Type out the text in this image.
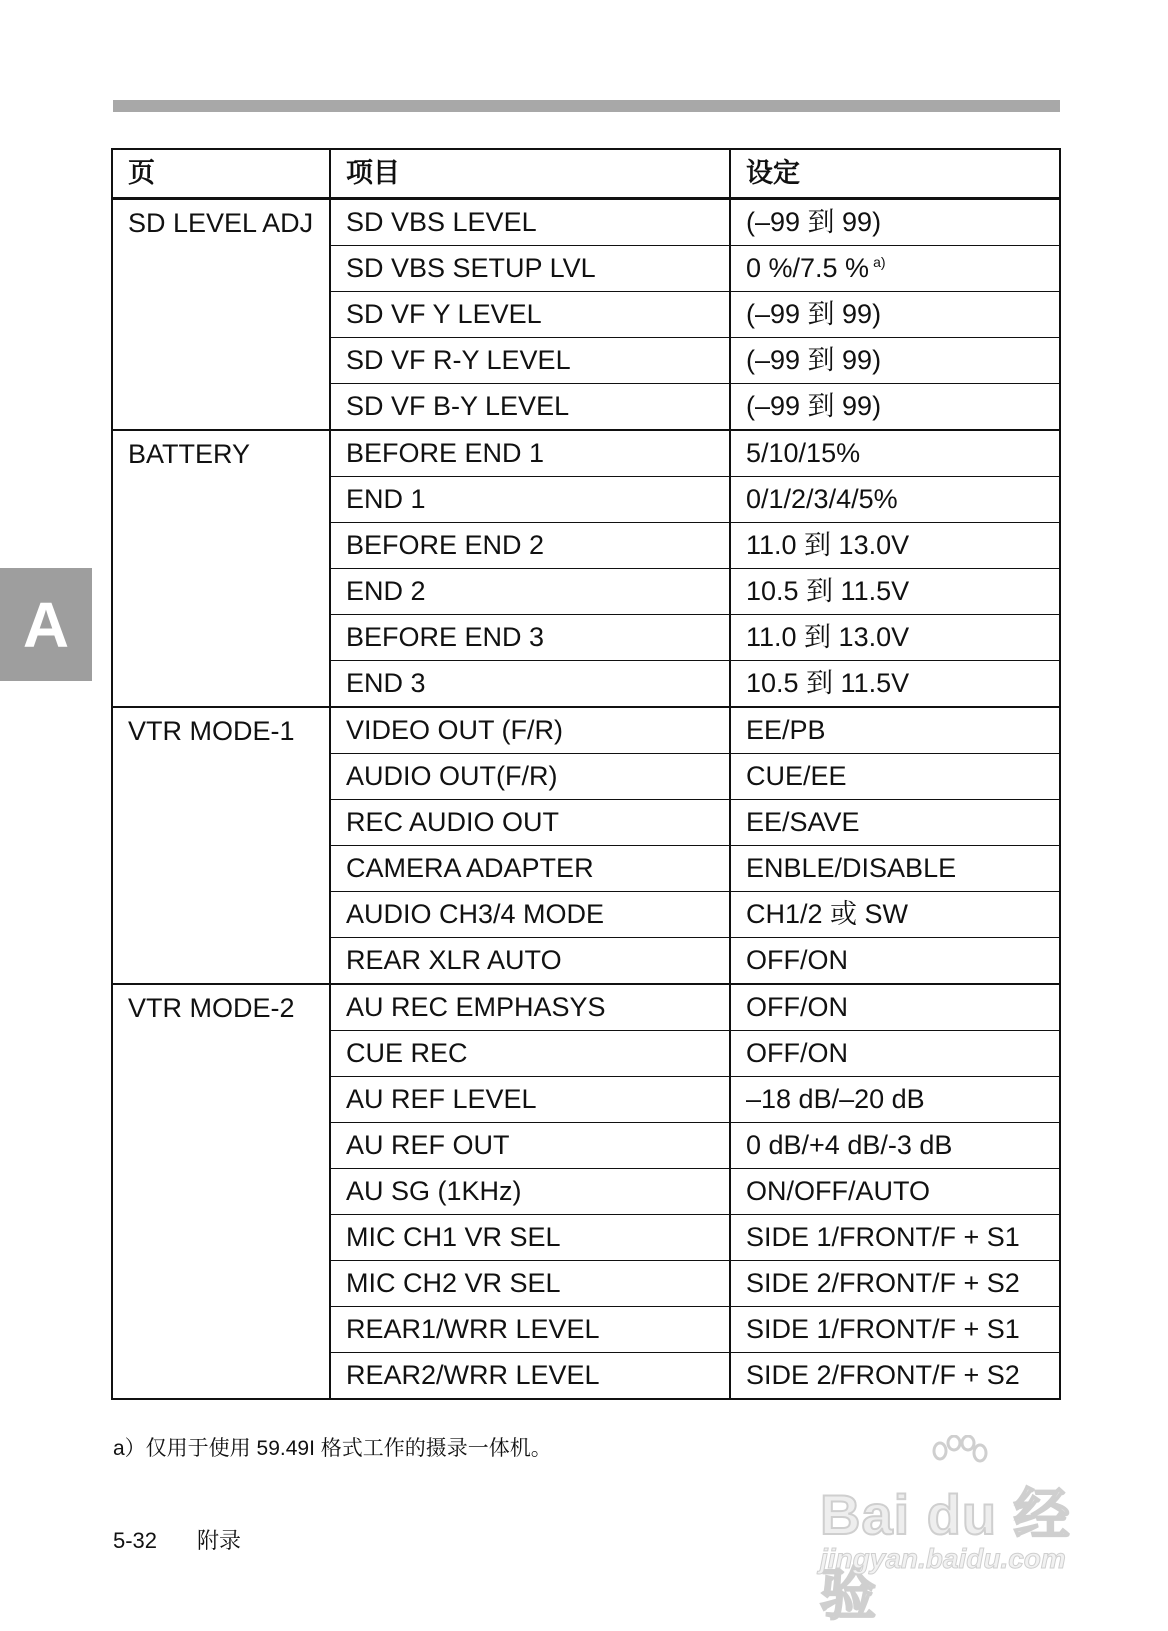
A
页	项目	设定
SD LEVEL ADJ	SD VBS LEVEL	(–99 到 99)
	SD VBS SETUP LVL	0 %/7.5 % $^{a)}$
	SD VF Y LEVEL	(–99 到 99)
	SD VF R-Y LEVEL	(–99 到 99)
	SD VF B-Y LEVEL	(–99 到 99)
BATTERY	BEFORE END 1	5/10/15%
	END 1	0/1/2/3/4/5%
	BEFORE END 2	11.0 到 13.0V
	END 2	10.5 到 11.5V
	BEFORE END 3	11.0 到 13.0V
	END 3	10.5 到 11.5V
VTR MODE-1	VIDEO OUT (F/R)	EE/PB
	AUDIO OUT(F/R)	CUE/EE
	REC AUDIO OUT	EE/SAVE
	CAMERA ADAPTER	ENBLE/DISABLE
	AUDIO CH3/4 MODE	CH1/2 或 SW
	REAR XLR AUTO	OFF/ON
VTR MODE-2	AU REC EMPHASYS	OFF/ON
	CUE REC	OFF/ON
	AU REF LEVEL	–18 dB/–20 dB
	AU REF OUT	0 dB/+4 dB/-3 dB
	AU SG (1KHz)	ON/OFF/AUTO
	MIC CH1 VR SEL	SIDE 1/FRONT/F + S1
	MIC CH2 VR SEL	SIDE 2/FRONT/F + S2
	REAR1/WRR LEVEL	SIDE 1/FRONT/F + S1
	REAR2/WRR LEVEL	SIDE 2/FRONT/F + S2
a）仅用于使用 59.49I 格式工作的摄录一体机。
5-32 附录	Bai du 经验
jingyan.baidu.com
